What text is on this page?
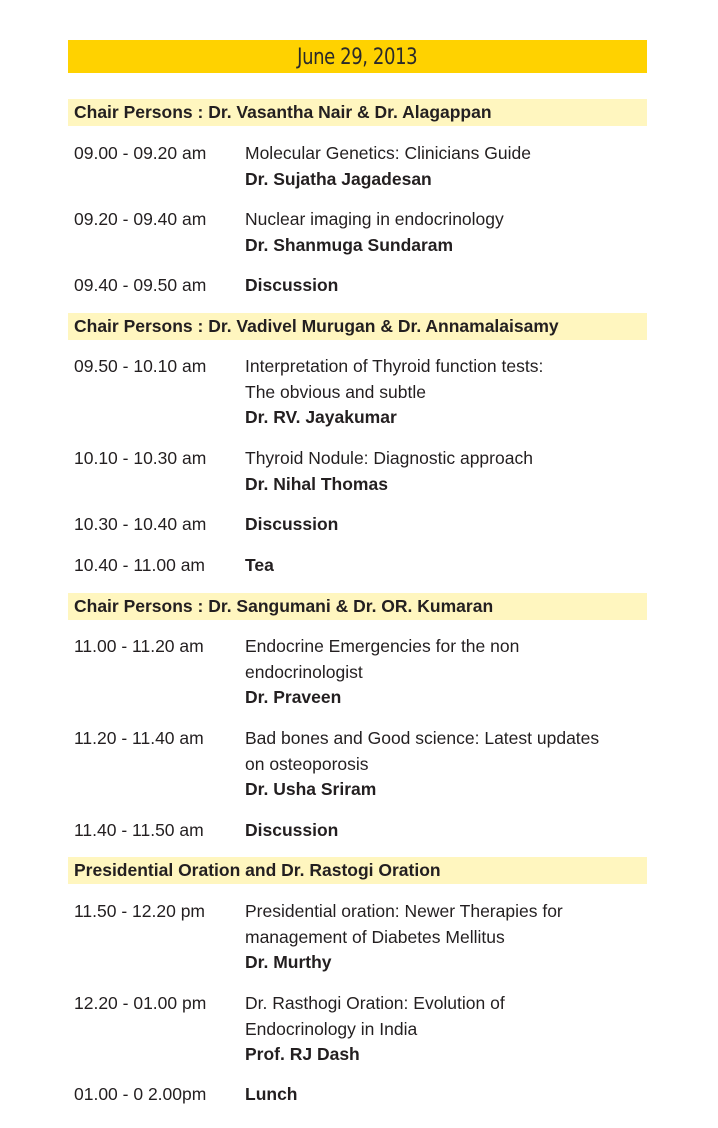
June 29, 2013
Chair Persons : Dr. Vasantha Nair & Dr. Alagappan
09.00 - 09.20 am Molecular Genetics: Clinicians Guide
Dr. Sujatha Jagadesan
09.20 - 09.40 am Nuclear imaging in endocrinology
Dr. Shanmuga Sundaram
09.40 - 09.50 am Discussion
Chair Persons : Dr. Vadivel Murugan & Dr. Annamalaisamy
09.50 - 10.10 am Interpretation of Thyroid function tests:
The obvious and subtle
Dr. RV. Jayakumar
10.10 - 10.30 am Thyroid Nodule: Diagnostic approach
Dr. Nihal Thomas
10.30 - 10.40 am Discussion
10.40 - 11.00 am Tea
Chair Persons : Dr. Sangumani & Dr. OR. Kumaran
11.00 - 11.20 am Endocrine Emergencies for the non
endocrinologist
Dr. Praveen
11.20 - 11.40 am Bad bones and Good science: Latest updates
on osteoporosis
Dr. Usha Sriram
11.40 - 11.50 am Discussion
Presidential Oration and Dr. Rastogi Oration
11.50 - 12.20 pm Presidential oration: Newer Therapies for
management of Diabetes Mellitus
Dr. Murthy
12.20 - 01.00 pm Dr. Rasthogi Oration: Evolution of
Endocrinology in India
Prof. RJ Dash
01.00 - 0 2.00pm Lunch
